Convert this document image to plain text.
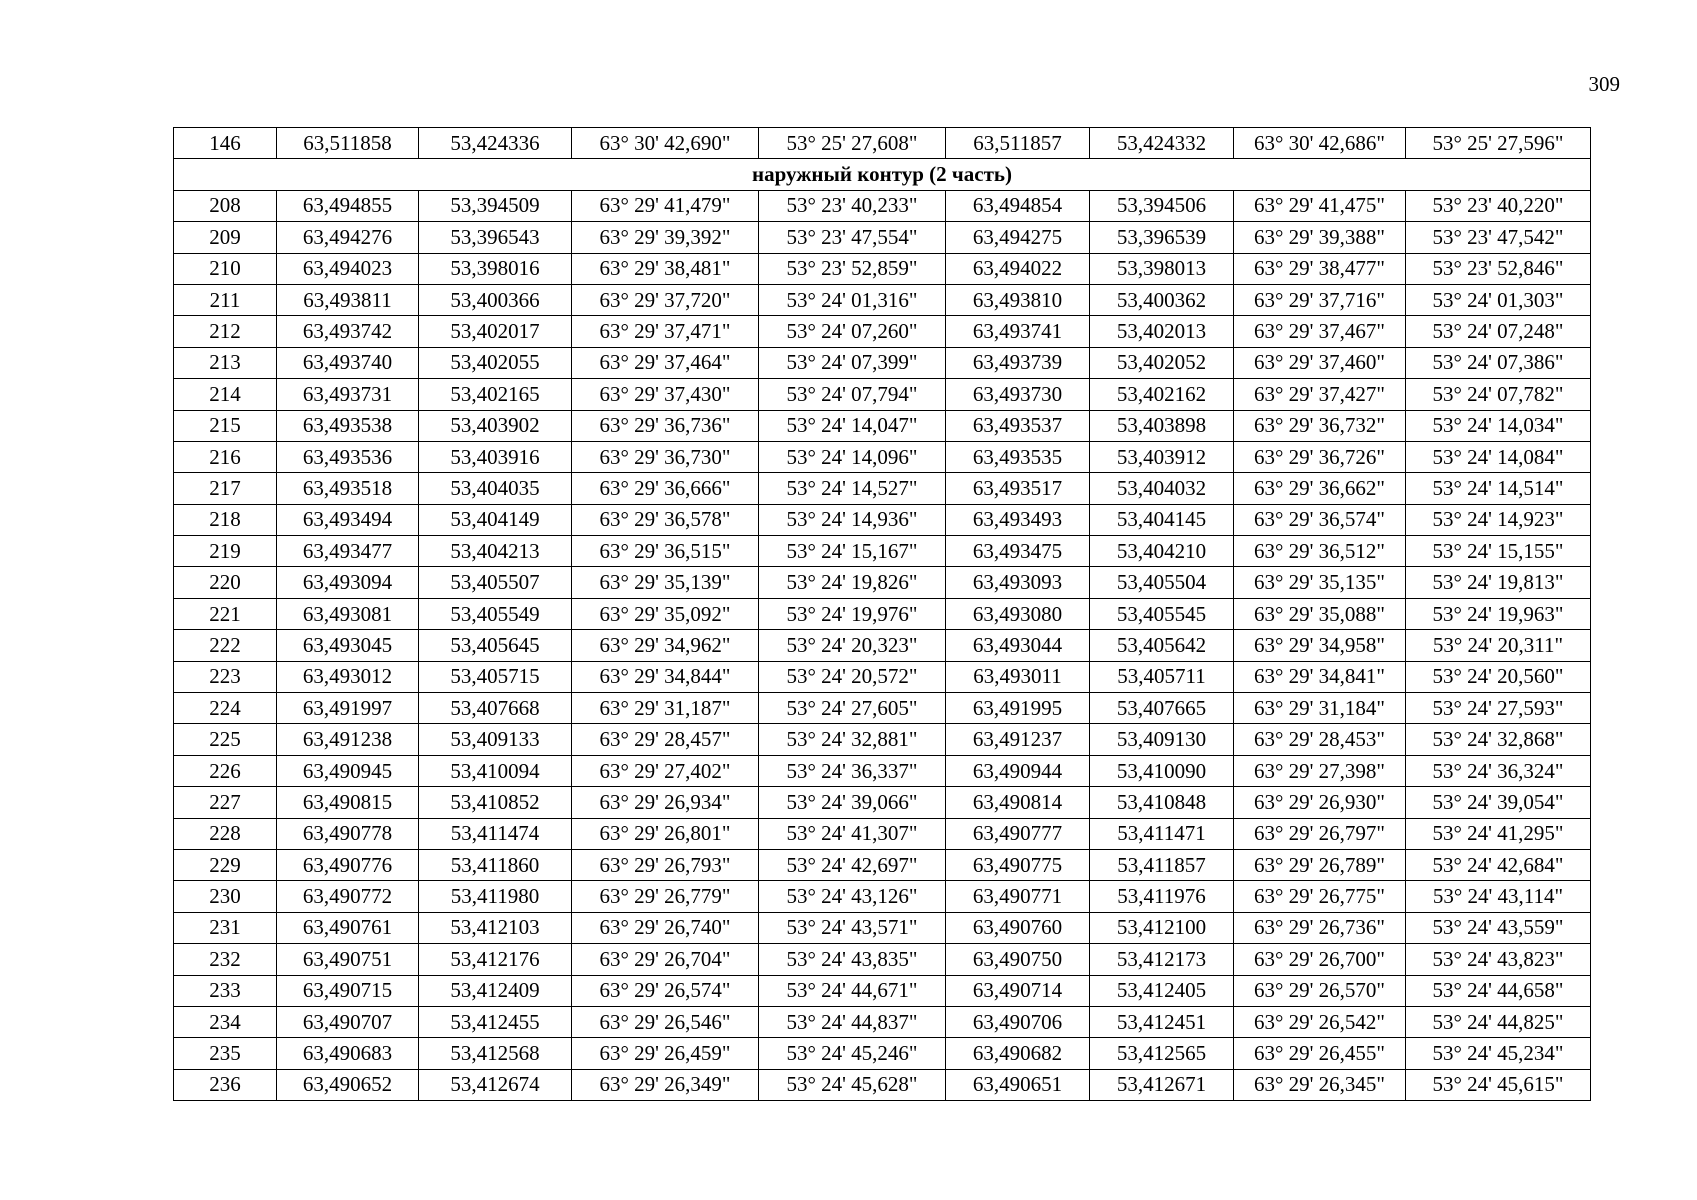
309
146	63,511858	53,424336	63° 30' 42,690"	53° 25' 27,608"	63,511857	53,424332	63° 30' 42,686"	53° 25' 27,596"
наружный контур (2 часть)								
208	63,494855	53,394509	63° 29' 41,479"	53° 23' 40,233"	63,494854	53,394506	63° 29' 41,475"	53° 23' 40,220"
209	63,494276	53,396543	63° 29' 39,392"	53° 23' 47,554"	63,494275	53,396539	63° 29' 39,388"	53° 23' 47,542"
210	63,494023	53,398016	63° 29' 38,481"	53° 23' 52,859"	63,494022	53,398013	63° 29' 38,477"	53° 23' 52,846"
211	63,493811	53,400366	63° 29' 37,720"	53° 24' 01,316"	63,493810	53,400362	63° 29' 37,716"	53° 24' 01,303"
212	63,493742	53,402017	63° 29' 37,471"	53° 24' 07,260"	63,493741	53,402013	63° 29' 37,467"	53° 24' 07,248"
213	63,493740	53,402055	63° 29' 37,464"	53° 24' 07,399"	63,493739	53,402052	63° 29' 37,460"	53° 24' 07,386"
214	63,493731	53,402165	63° 29' 37,430"	53° 24' 07,794"	63,493730	53,402162	63° 29' 37,427"	53° 24' 07,782"
215	63,493538	53,403902	63° 29' 36,736"	53° 24' 14,047"	63,493537	53,403898	63° 29' 36,732"	53° 24' 14,034"
216	63,493536	53,403916	63° 29' 36,730"	53° 24' 14,096"	63,493535	53,403912	63° 29' 36,726"	53° 24' 14,084"
217	63,493518	53,404035	63° 29' 36,666"	53° 24' 14,527"	63,493517	53,404032	63° 29' 36,662"	53° 24' 14,514"
218	63,493494	53,404149	63° 29' 36,578"	53° 24' 14,936"	63,493493	53,404145	63° 29' 36,574"	53° 24' 14,923"
219	63,493477	53,404213	63° 29' 36,515"	53° 24' 15,167"	63,493475	53,404210	63° 29' 36,512"	53° 24' 15,155"
220	63,493094	53,405507	63° 29' 35,139"	53° 24' 19,826"	63,493093	53,405504	63° 29' 35,135"	53° 24' 19,813"
221	63,493081	53,405549	63° 29' 35,092"	53° 24' 19,976"	63,493080	53,405545	63° 29' 35,088"	53° 24' 19,963"
222	63,493045	53,405645	63° 29' 34,962"	53° 24' 20,323"	63,493044	53,405642	63° 29' 34,958"	53° 24' 20,311"
223	63,493012	53,405715	63° 29' 34,844"	53° 24' 20,572"	63,493011	53,405711	63° 29' 34,841"	53° 24' 20,560"
224	63,491997	53,407668	63° 29' 31,187"	53° 24' 27,605"	63,491995	53,407665	63° 29' 31,184"	53° 24' 27,593"
225	63,491238	53,409133	63° 29' 28,457"	53° 24' 32,881"	63,491237	53,409130	63° 29' 28,453"	53° 24' 32,868"
226	63,490945	53,410094	63° 29' 27,402"	53° 24' 36,337"	63,490944	53,410090	63° 29' 27,398"	53° 24' 36,324"
227	63,490815	53,410852	63° 29' 26,934"	53° 24' 39,066"	63,490814	53,410848	63° 29' 26,930"	53° 24' 39,054"
228	63,490778	53,411474	63° 29' 26,801"	53° 24' 41,307"	63,490777	53,411471	63° 29' 26,797"	53° 24' 41,295"
229	63,490776	53,411860	63° 29' 26,793"	53° 24' 42,697"	63,490775	53,411857	63° 29' 26,789"	53° 24' 42,684"
230	63,490772	53,411980	63° 29' 26,779"	53° 24' 43,126"	63,490771	53,411976	63° 29' 26,775"	53° 24' 43,114"
231	63,490761	53,412103	63° 29' 26,740"	53° 24' 43,571"	63,490760	53,412100	63° 29' 26,736"	53° 24' 43,559"
232	63,490751	53,412176	63° 29' 26,704"	53° 24' 43,835"	63,490750	53,412173	63° 29' 26,700"	53° 24' 43,823"
233	63,490715	53,412409	63° 29' 26,574"	53° 24' 44,671"	63,490714	53,412405	63° 29' 26,570"	53° 24' 44,658"
234	63,490707	53,412455	63° 29' 26,546"	53° 24' 44,837"	63,490706	53,412451	63° 29' 26,542"	53° 24' 44,825"
235	63,490683	53,412568	63° 29' 26,459"	53° 24' 45,246"	63,490682	53,412565	63° 29' 26,455"	53° 24' 45,234"
236	63,490652	53,412674	63° 29' 26,349"	53° 24' 45,628"	63,490651	53,412671	63° 29' 26,345"	53° 24' 45,615"
